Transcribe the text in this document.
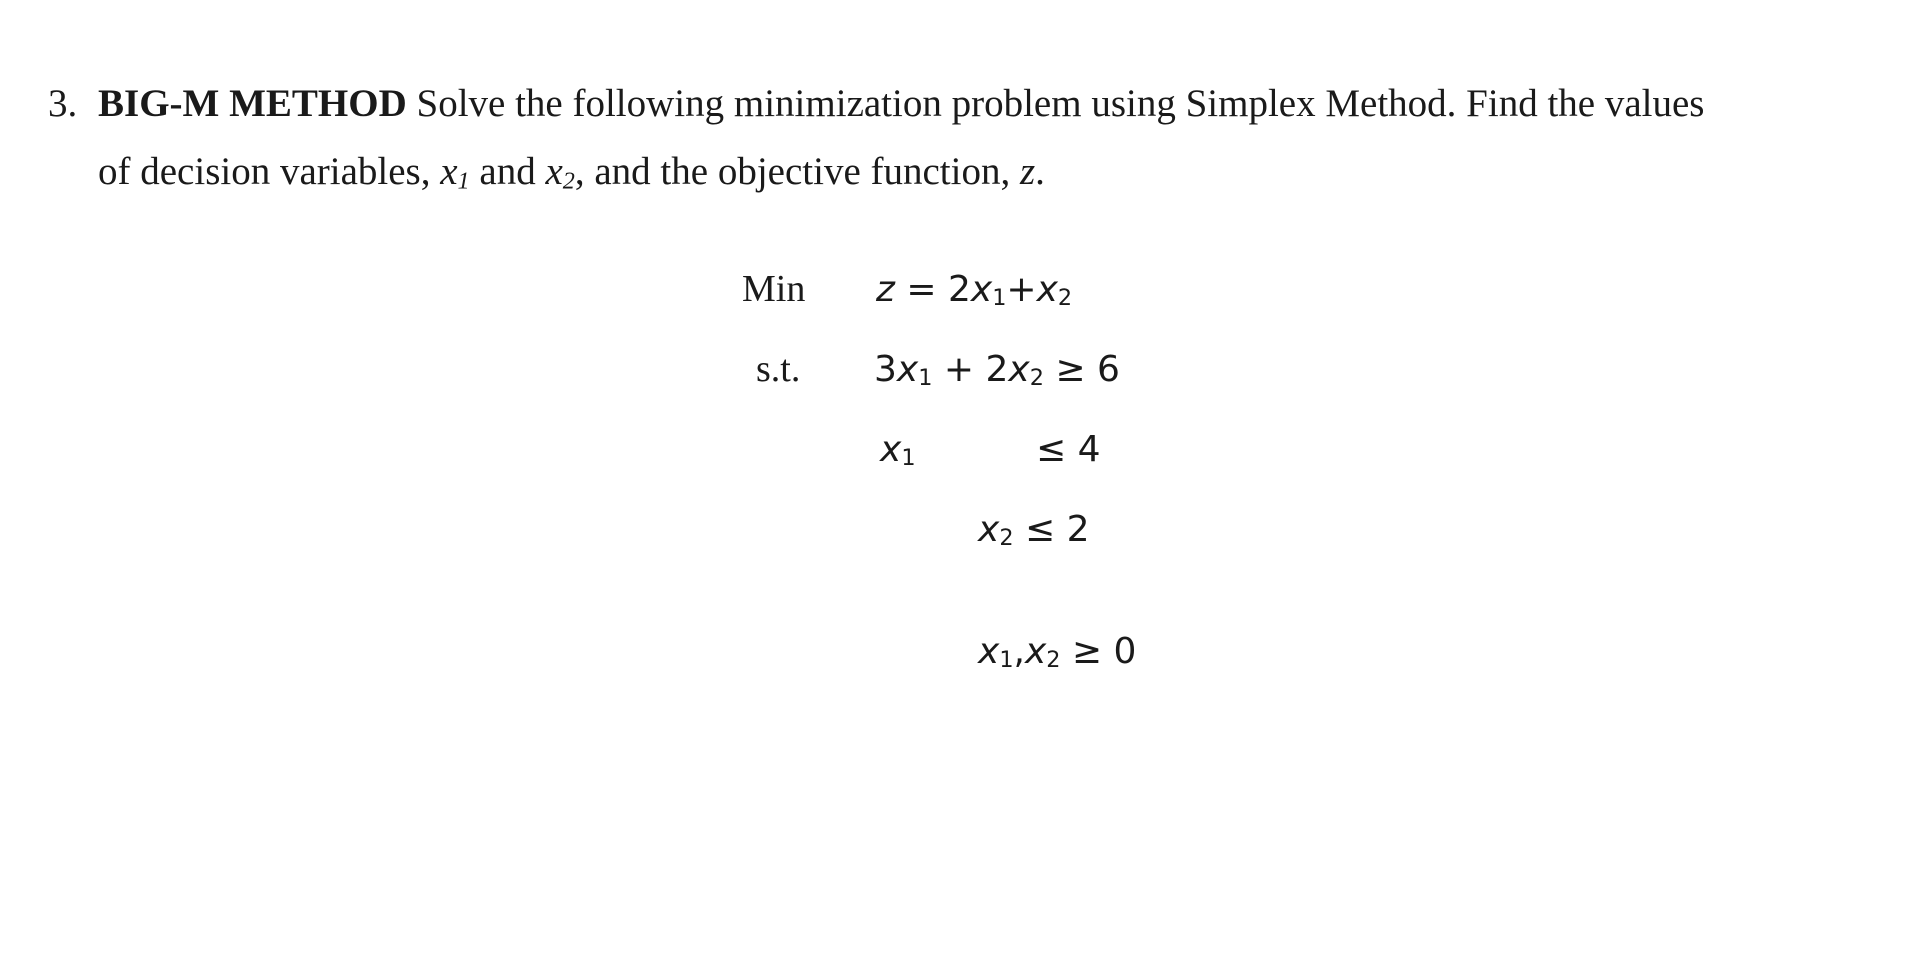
3. BIG-M METHOD Solve the following minimization problem using Simplex Method. Find the values
of decision variables, $x_1$ and $x_2$, and the objective function, z.
Min $z = 2x_1+x_2$
s.t. $3x_1 + 2x_2 \ge 6$
$x_1$	≤ 4
$x_2 \le 2$
$x_1,x_2 \ge 0$
